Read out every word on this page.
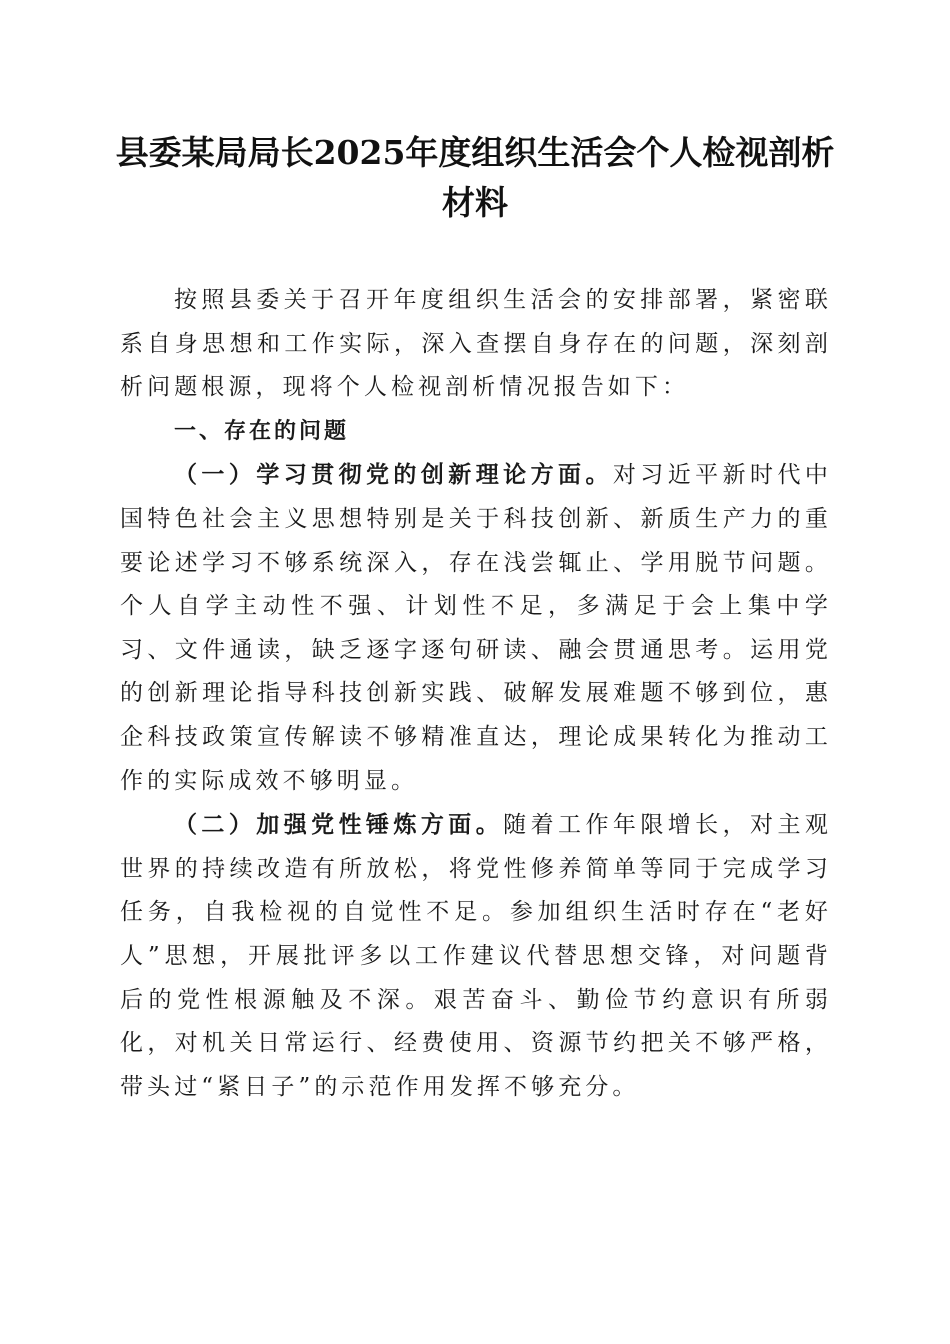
县委某局局长2025年度组织生活会个人检视剖析材料

按照县委关于召开年度组织生活会的安排部署，紧密联系自身思想和工作实际，深入查摆自身存在的问题，深刻剖析问题根源，现将个人检视剖析情况报告如下：

一、存在的问题

（一）学习贯彻党的创新理论方面。对习近平新时代中国特色社会主义思想特别是关于科技创新、新质生产力的重要论述学习不够系统深入，存在浅尝辄止、学用脱节问题。个人自学主动性不强、计划性不足，多满足于会上集中学习、文件通读，缺乏逐字逐句研读、融会贯通思考。运用党的创新理论指导科技创新实践、破解发展难题不够到位，惠企科技政策宣传解读不够精准直达，理论成果转化为推动工作的实际成效不够明显。

（二）加强党性锤炼方面。随着工作年限增长，对主观世界的持续改造有所放松，将党性修养简单等同于完成学习任务，自我检视的自觉性不足。参加组织生活时存在“老好人”思想，开展批评多以工作建议代替思想交锋，对问题背后的党性根源触及不深。艰苦奋斗、勤俭节约意识有所弱化，对机关日常运行、经费使用、资源节约把关不够严格，带头过“紧日子”的示范作用发挥不够充分。
